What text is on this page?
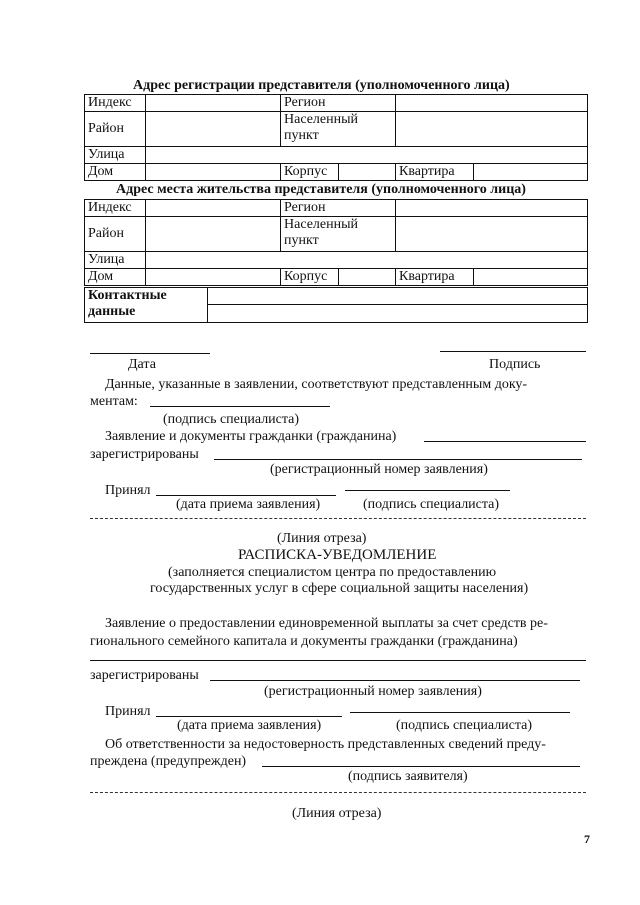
Адрес регистрации представителя (уполномоченного лица)
Индекс		Регион	
Район		Населенный
пункт	
Улица			
Дом		Корпус	Квартира
Адрес места жительства представителя (уполномоченного лица)
Индекс		Регион	
Район		Населенный
пункт	
Улица			
Дом		Корпус	Квартира
Контактные
данные	
Дата	Подпись
Данные, указанные в заявлении, соответствуют представленным доку-
ментам:
(подпись специалиста)
Заявление и документы гражданки (гражданина)
зарегистрированы
(регистрационный номер заявления)
Принял
(дата приема заявления)	(подпись специалиста)
(Линия отреза)
РАСПИСКА-УВЕДОМЛЕНИЕ
(заполняется специалистом центра по предоставлению
государственных услуг в сфере социальной защиты населения)
Заявление о предоставлении единовременной выплаты за счет средств ре-
гионального семейного капитала и документы гражданки (гражданина)
зарегистрированы
(регистрационный номер заявления)
Принял
(дата приема заявления)	(подпись специалиста)
Об ответственности за недостоверность представленных сведений преду-
преждена (предупрежден)
(подпись заявителя)
(Линия отреза)
7
